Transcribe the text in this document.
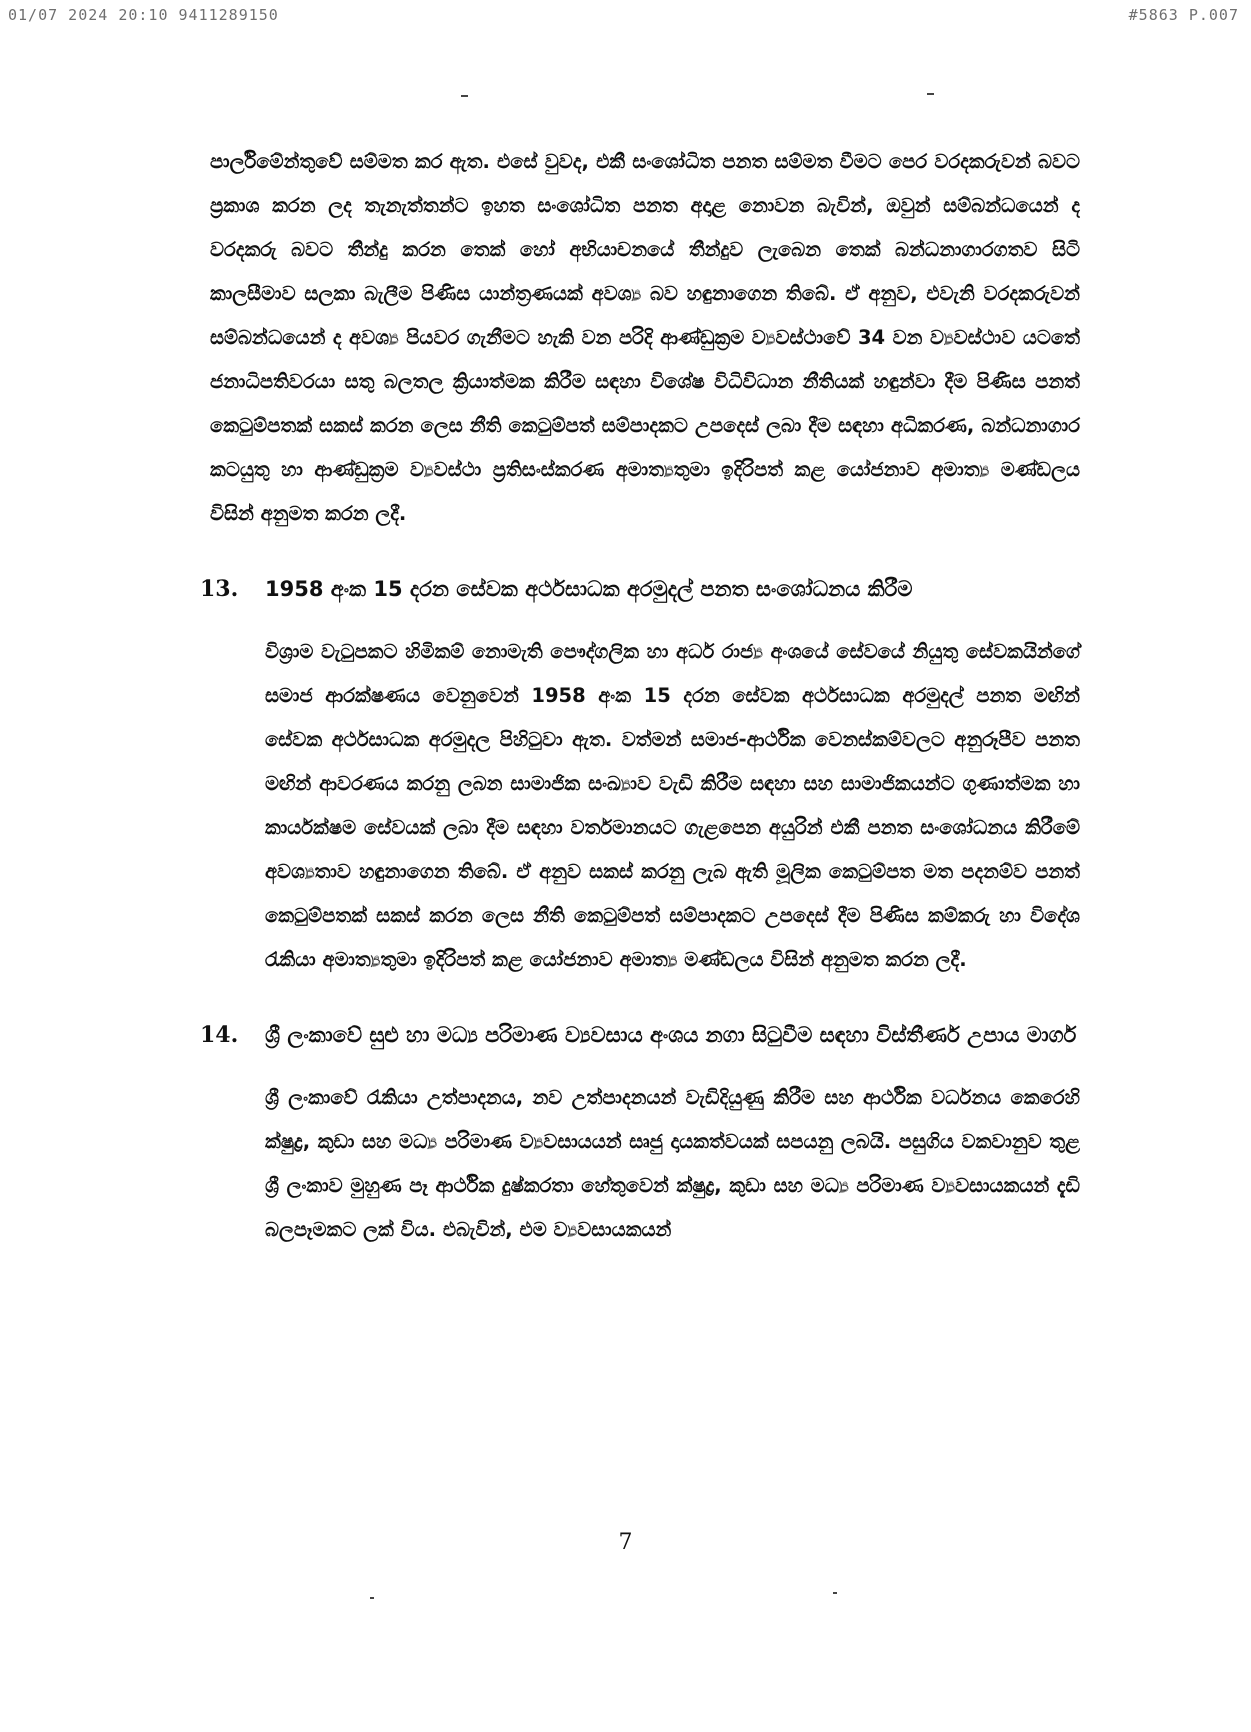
01/07 2024 20:10 9411289150	#5863 P.007

පාර්ලිමේන්තුවේ සම්මත කර ඇත. එසේ වුවද, එකී සංශෝධිත පනත සම්මත වීමට පෙර වරදකරුවන් බවට ප්‍රකාශ කරන ලද තැනැත්තන්ට ඉහත සංශෝධිත පනත අදාළ නොවන බැවින්, ඔවුන් සම්බන්ධයෙන් ද වරදකරු බවට තීන්දු කරන තෙක් හෝ අභියාචනයේ තීන්දුව ලැබෙන තෙක් බන්ධනාගාරගතව සිටි කාලසීමාව සලකා බැලීම පිණිස යාන්ත්‍රණයක් අවශ්‍ය බව හඳුනාගෙන තිබේ. ඒ අනුව, එවැනි වරදකරුවන් සම්බන්ධයෙන් ද අවශ්‍ය පියවර ගැනීමට හැකි වන පරිදි ආණ්ඩුක්‍රම ව්‍යවස්ථාවේ 34 වන ව්‍යවස්ථාව යටතේ ජනාධිපතිවරයා සතු බලතල ක්‍රියාත්මක කිරීම සඳහා විශේෂ විධිවිධාන නීතියක් හඳුන්වා දීම පිණිස පනත් කෙටුම්පතක් සකස් කරන ලෙස නීති කෙටුම්පත් සම්පාදකට උපදෙස් ලබා දීම සඳහා අධිකරණ, බන්ධනාගාර කටයුතු හා ආණ්ඩුක්‍රම ව්‍යවස්ථා ප්‍රතිසංස්කරණ අමාත්‍යතුමා ඉදිරිපත් කළ යෝජනාව අමාත්‍ය මණ්ඩලය විසින් අනුමත කරන ලදී.

13. 1958 අංක 15 දරන සේවක අර්ථසාධක අරමුදල් පනත සංශෝධනය කිරීම

විශ්‍රාම වැටුපකට හිමිකම් නොමැති පෞද්ගලික හා අර්ධ රාජ්‍ය අංශයේ සේවයේ නියුතු සේවකයින්ගේ සමාජ ආරක්ෂණය වෙනුවෙන් 1958 අංක 15 දරන සේවක අර්ථසාධක අරමුදල් පනත මඟින් සේවක අර්ථසාධක අරමුදල පිහිටුවා ඇත. වත්මන් සමාජ-ආර්ථික වෙනස්කම්වලට අනුරූපීව පනත මඟින් ආවරණය කරනු ලබන සාමාජික සංඛ්‍යාව වැඩි කිරීම සඳහා සහ සාමාජිකයන්ට ගුණාත්මක හා කාර්යක්ෂම සේවයක් ලබා දීම සඳහා වර්තමානයට ගැළපෙන අයුරින් එකී පනත සංශෝධනය කිරීමේ අවශ්‍යතාව හඳුනාගෙන තිබේ. ඒ අනුව සකස් කරනු ලැබ ඇති මූලික කෙටුම්පත මත පදනම්ව පනත් කෙටුම්පතක් සකස් කරන ලෙස නීති කෙටුම්පත් සම්පාදකට උපදෙස් දීම පිණිස කම්කරු හා විදේශ රැකියා අමාත්‍යතුමා ඉදිරිපත් කළ යෝජනාව අමාත්‍ය මණ්ඩලය විසින් අනුමත කරන ලදී.

14. ශ්‍රී ලංකාවේ සුළු හා මධ්‍ය පරිමාණ ව්‍යවසාය අංශය නගා සිටුවීම සඳහා විස්තීර්ණ උපාය මාර්ග

ශ්‍රී ලංකාවේ රැකියා උත්පාදනය, නව උත්පාදනයන් වැඩිදියුණු කිරීම සහ ආර්ථික වර්ධනය කෙරෙහි ක්ෂුද්‍ර, කුඩා සහ මධ්‍ය පරිමාණ ව්‍යවසායයන් සෘජු දායකත්වයක් සපයනු ලබයි. පසුගිය වකවානුව තුළ ශ්‍රී ලංකාව මුහුණ පෑ ආර්ථික දුෂ්කරතා හේතුවෙන් ක්ෂුද්‍ර, කුඩා සහ මධ්‍ය පරිමාණ ව්‍යවසායකයන් දැඩි බලපෑමකට ලක් විය. එබැවින්, එම ව්‍යවසායකයන්

7
